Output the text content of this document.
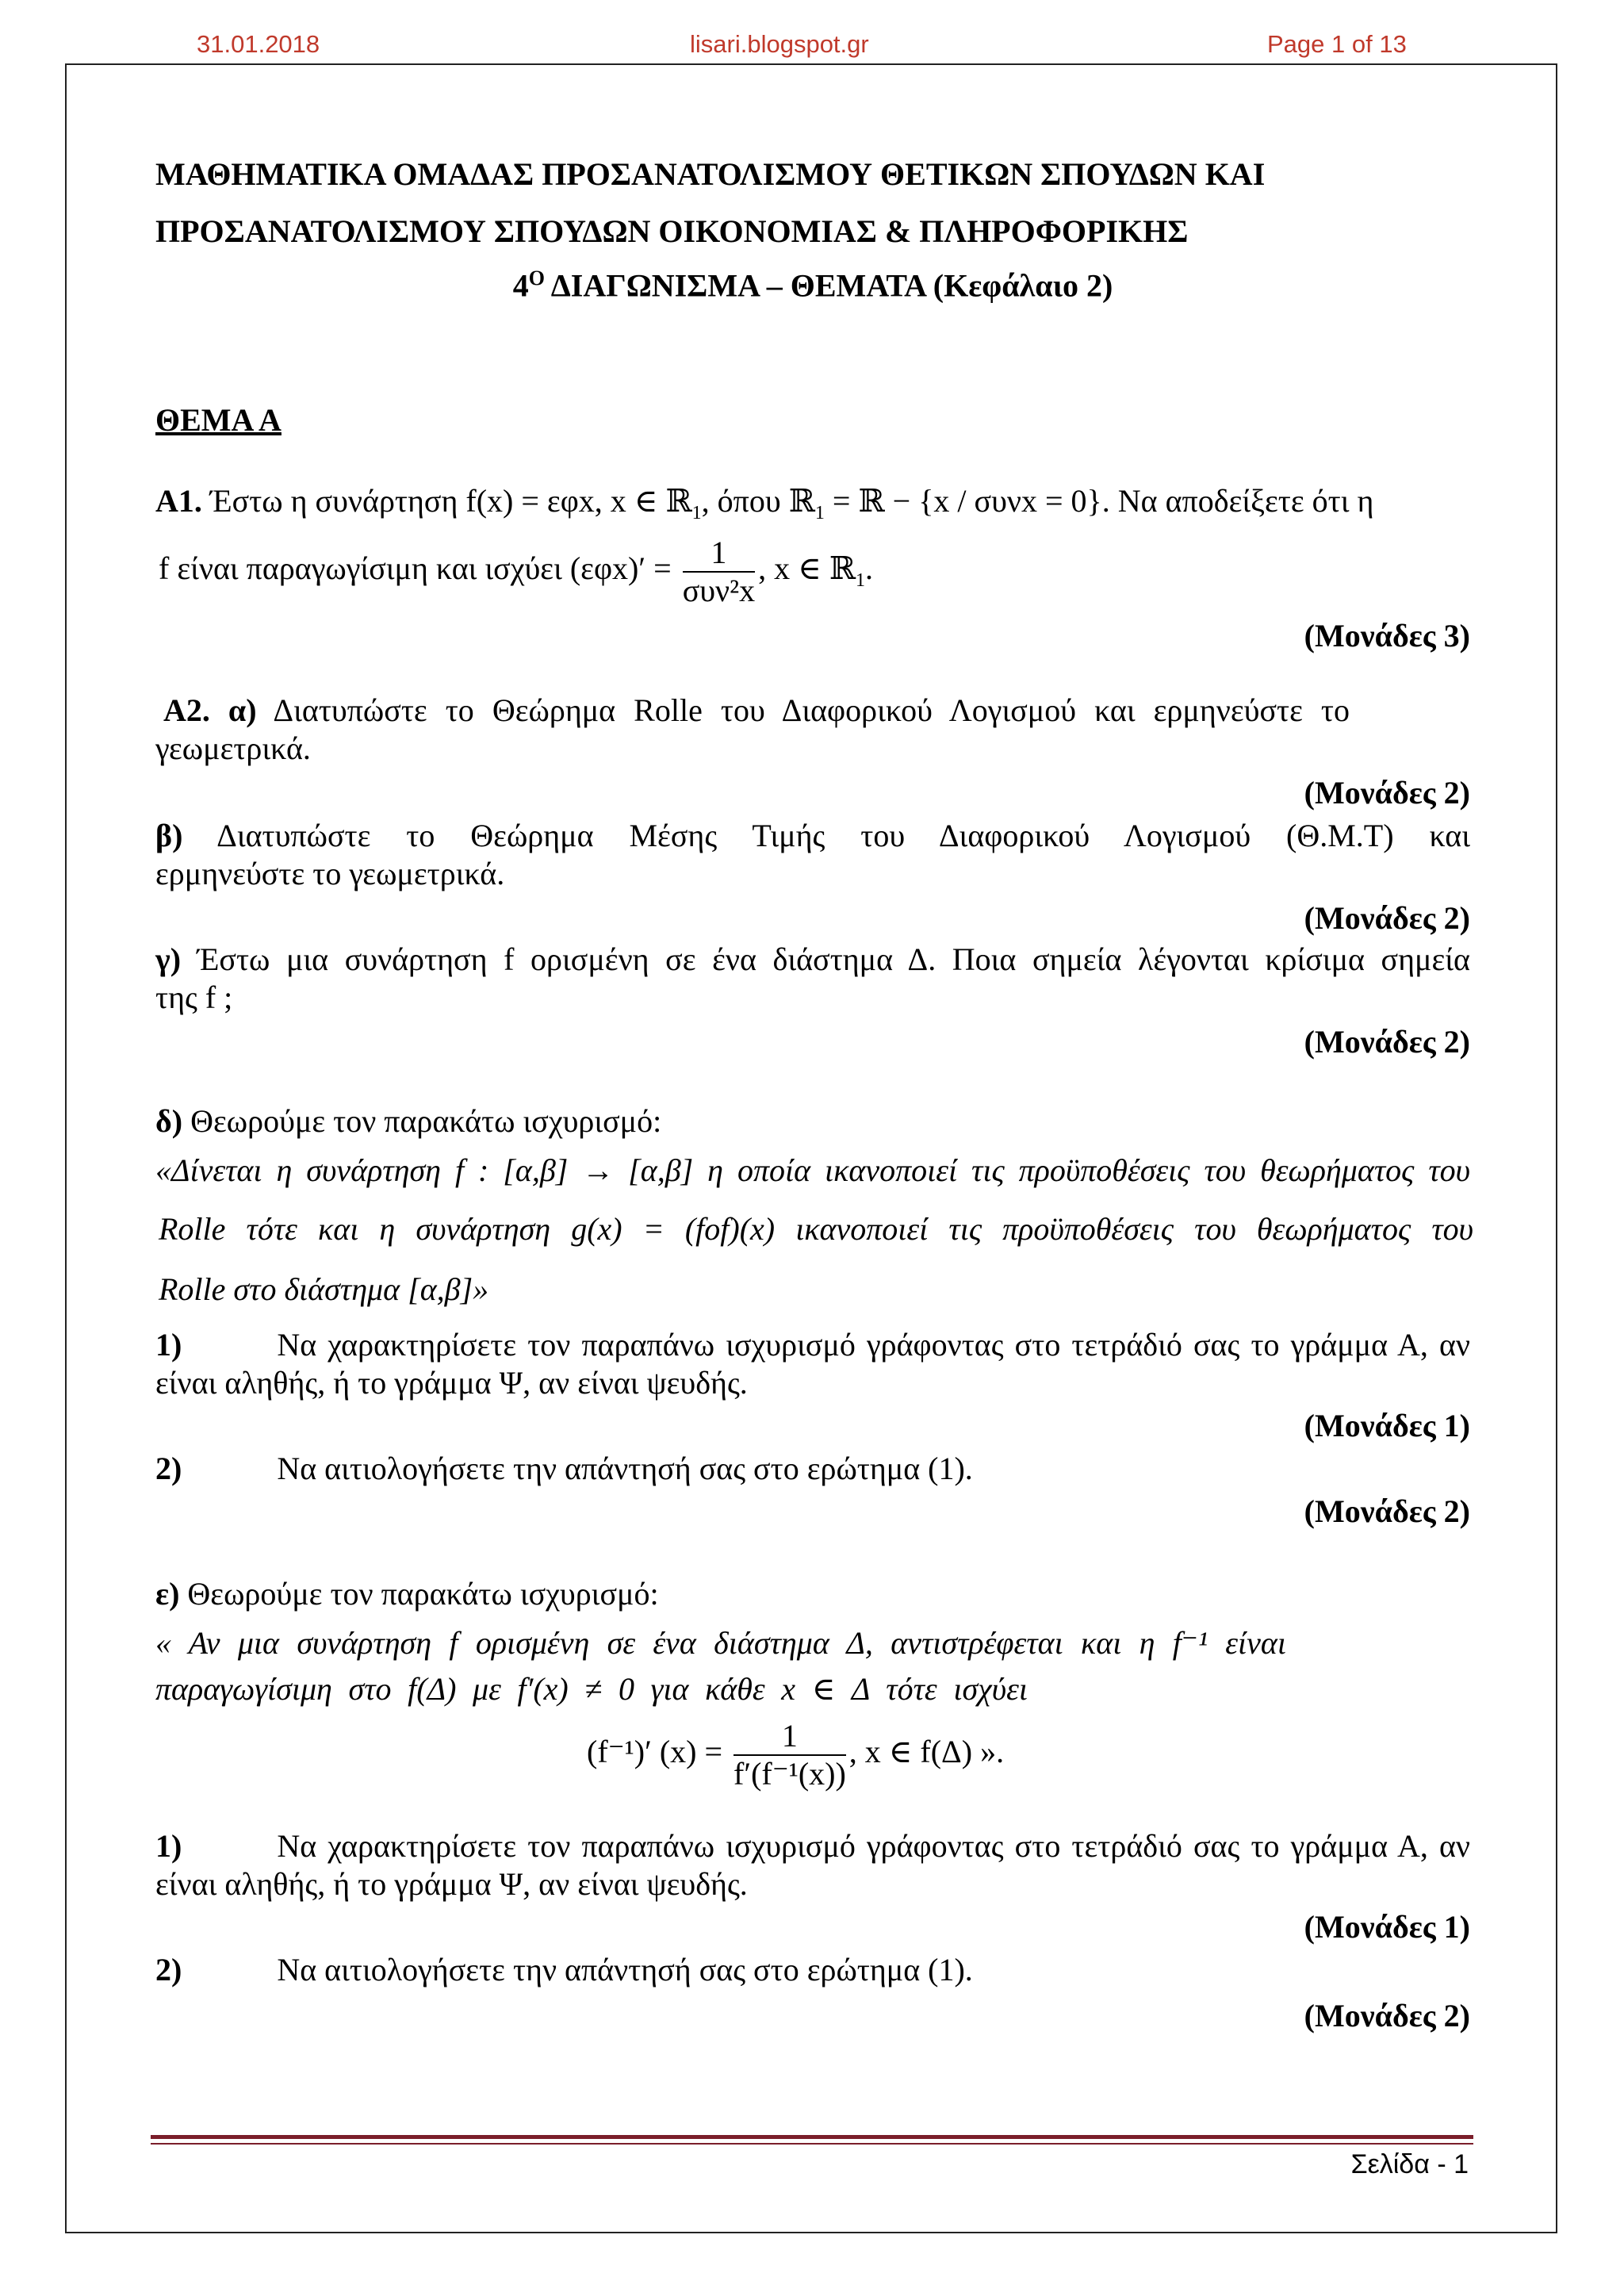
31.01.2018	lisari.blogspot.gr	Page 1 of 13
ΜΑΘΗΜΑΤΙΚΑ ΟΜΑΔΑΣ ΠΡΟΣΑΝΑΤΟΛΙΣΜΟΥ ΘΕΤΙΚΩΝ ΣΠΟΥΔΩΝ ΚΑΙ
ΠΡΟΣΑΝΑΤΟΛΙΣΜΟΥ ΣΠΟΥΔΩΝ ΟΙΚΟΝΟΜΙΑΣ & ΠΛΗΡΟΦΟΡΙΚΗΣ
$4^O$ ΔΙΑΓΩΝΙΣΜΑ – ΘΕΜΑΤΑ (Κεφάλαιο 2)
ΘΕΜΑ Α
Α1. Έστω η συνάρτηση f(x) = εφx, x ∈ ℝ$_1$, όπου ℝ$_1$ = ℝ − {x / συνx = 0}. Να αποδείξετε ότι η
f είναι παραγωγίσιμη και ισχύει $(\varepsilon\varphi x)' = \frac{1}{\text{συν²x}}$ , x ∈ ℝ$_1$.
(Μονάδες 3)
Α2. α) Διατυπώστε το Θεώρημα Rolle του Διαφορικού Λογισμού και ερμηνεύστε το
γεωμετρικά.
(Μονάδες 2)
β) Διατυπώστε το Θεώρημα Μέσης Τιμής του Διαφορικού Λογισμού (Θ.Μ.Τ) και
ερμηνεύστε το γεωμετρικά.
(Μονάδες 2)
γ) Έστω μια συνάρτηση f ορισμένη σε ένα διάστημα Δ. Ποια σημεία λέγονται κρίσιμα σημεία
της f ;
(Μονάδες 2)
δ) Θεωρούμε τον παρακάτω ισχυρισμό:
«Δίνεται η συνάρτηση f : [α,β] → [α,β] η οποία ικανοποιεί τις προϋποθέσεις του θεωρήματος του
Rolle τότε και η συνάρτηση g(x) = (fof)(x) ικανοποιεί τις προϋποθέσεις του θεωρήματος του
Rolle στο διάστημα [α,β]»
1)	Να χαρακτηρίσετε τον παραπάνω ισχυρισμό γράφοντας στο τετράδιό σας το γράμμα Α, αν
είναι αληθής, ή το γράμμα Ψ, αν είναι ψευδής.
(Μονάδες 1)
2)	Να αιτιολογήσετε την απάντησή σας στο ερώτημα (1).
(Μονάδες 2)
ε) Θεωρούμε τον παρακάτω ισχυρισμό:
« Αν μια συνάρτηση f ορισμένη σε ένα διάστημα Δ, αντιστρέφεται και η f⁻¹ είναι
παραγωγίσιμη στο f(Δ) με f′(x) ≠ 0 για κάθε x ∈ Δ τότε ισχύει
(f⁻¹)′ $(x) = \frac{1}{\text{f′(f⁻¹(x))}}$ , x ∈ f(Δ) ».
1)	Να χαρακτηρίσετε τον παραπάνω ισχυρισμό γράφοντας στο τετράδιό σας το γράμμα Α, αν
είναι αληθής, ή το γράμμα Ψ, αν είναι ψευδής.
(Μονάδες 1)
2)	Να αιτιολογήσετε την απάντησή σας στο ερώτημα (1).
(Μονάδες 2)
Σελίδα - 1
